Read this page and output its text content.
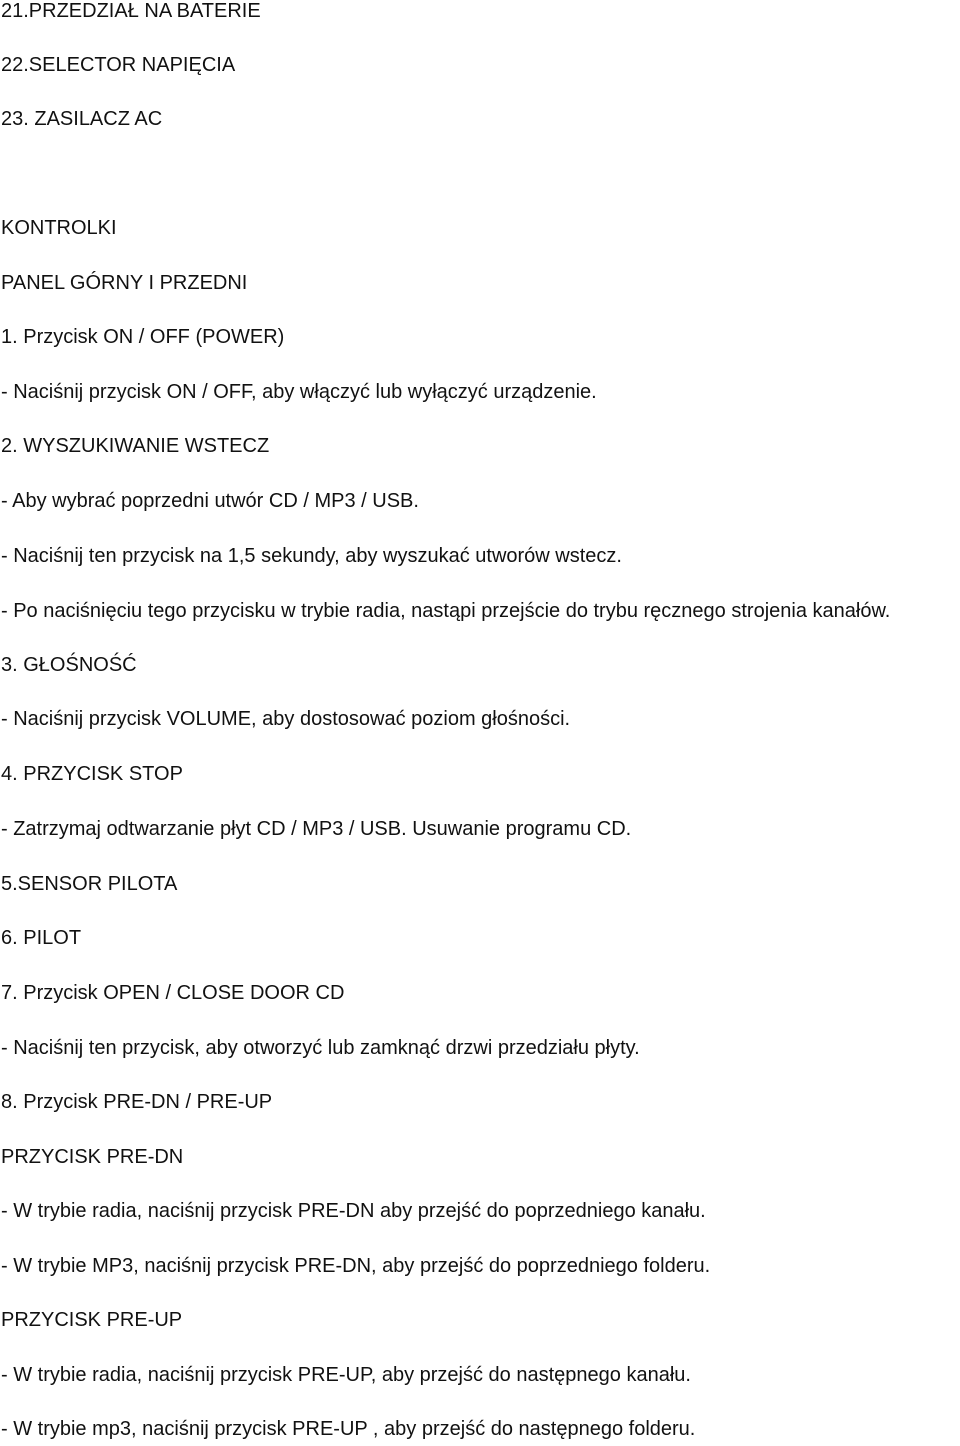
21.PRZEDZIAŁ NA BATERIE
22.SELECTOR NAPIĘCIA
23. ZASILACZ AC
KONTROLKI
PANEL GÓRNY I PRZEDNI
1. Przycisk ON / OFF (POWER)
- Naciśnij przycisk ON / OFF, aby włączyć lub wyłączyć urządzenie.
2. WYSZUKIWANIE WSTECZ
- Aby wybrać poprzedni utwór CD / MP3 / USB.
- Naciśnij ten przycisk na 1,5 sekundy, aby wyszukać utworów wstecz.
- Po naciśnięciu tego przycisku w trybie radia, nastąpi przejście do trybu ręcznego strojenia kanałów.
3. GŁOŚNOŚĆ
- Naciśnij przycisk VOLUME, aby dostosować poziom głośności.
4. PRZYCISK STOP
- Zatrzymaj odtwarzanie płyt CD / MP3 / USB. Usuwanie programu CD.
5.SENSOR PILOTA
6. PILOT
7. Przycisk OPEN / CLOSE DOOR CD
- Naciśnij ten przycisk, aby otworzyć lub zamknąć drzwi przedziału płyty.
8. Przycisk PRE-DN / PRE-UP
PRZYCISK PRE-DN
- W trybie radia, naciśnij przycisk PRE-DN aby przejść do poprzedniego kanału.
- W trybie MP3, naciśnij przycisk PRE-DN, aby przejść do poprzedniego folderu.
PRZYCISK PRE-UP
- W trybie radia, naciśnij przycisk PRE-UP, aby przejść do następnego kanału.
- W trybie mp3, naciśnij przycisk PRE-UP , aby przejść do następnego folderu.
